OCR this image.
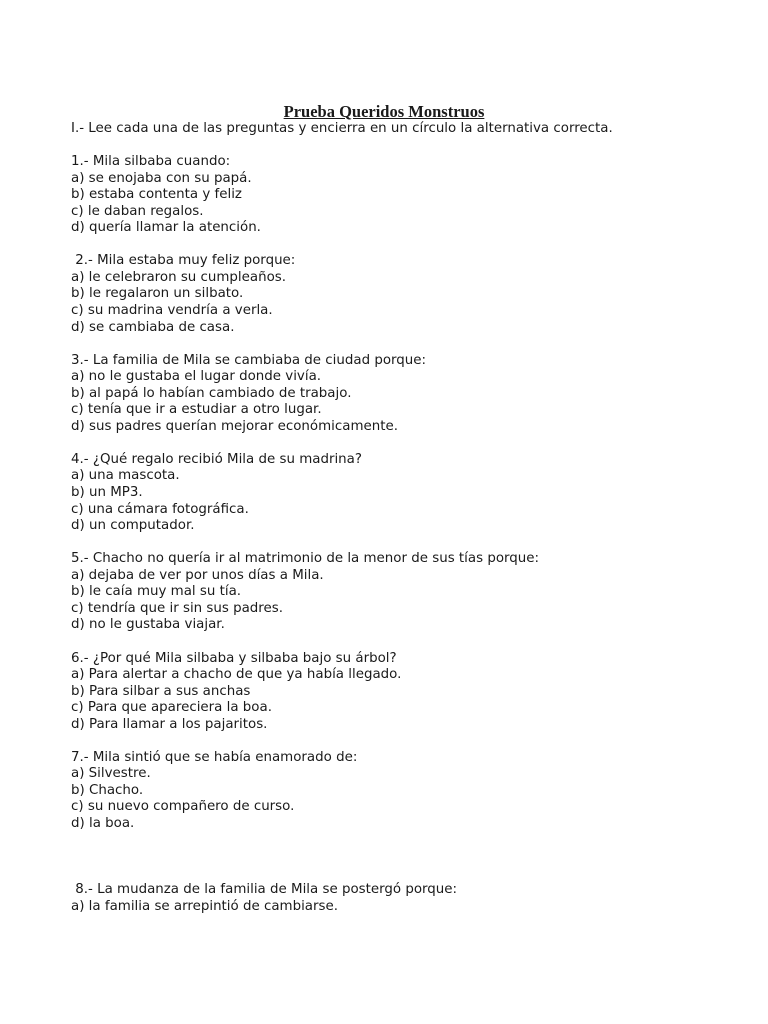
Prueba Queridos Monstruos
I.- Lee cada una de las preguntas y encierra en un círculo la alternativa correcta.
1.- Mila silbaba cuando:
a) se enojaba con su papá.
b) estaba contenta y feliz
c) le daban regalos.
d) quería llamar la atención.
2.- Mila estaba muy feliz porque:
a) le celebraron su cumpleaños.
b) le regalaron un silbato.
c) su madrina vendría a verla.
d) se cambiaba de casa.
3.- La familia de Mila se cambiaba de ciudad porque:
a) no le gustaba el lugar donde vivía.
b) al papá lo habían cambiado de trabajo.
c) tenía que ir a estudiar a otro lugar.
d) sus padres querían mejorar económicamente.
4.- ¿Qué regalo recibió Mila de su madrina?
a) una mascota.
b) un MP3.
c) una cámara fotográfica.
d) un computador.
5.- Chacho no quería ir al matrimonio de la menor de sus tías porque:
a) dejaba de ver por unos días a Mila.
b) le caía muy mal su tía.
c) tendría que ir sin sus padres.
d) no le gustaba viajar.
6.- ¿Por qué Mila silbaba y silbaba bajo su árbol?
a) Para alertar a chacho de que ya había llegado.
b) Para silbar a sus anchas
c) Para que apareciera la boa.
d) Para llamar a los pajaritos.
7.- Mila sintió que se había enamorado de:
a) Silvestre.
b) Chacho.
c) su nuevo compañero de curso.
d) la boa.
8.- La mudanza de la familia de Mila se postergó porque:
a) la familia se arrepintió de cambiarse.
